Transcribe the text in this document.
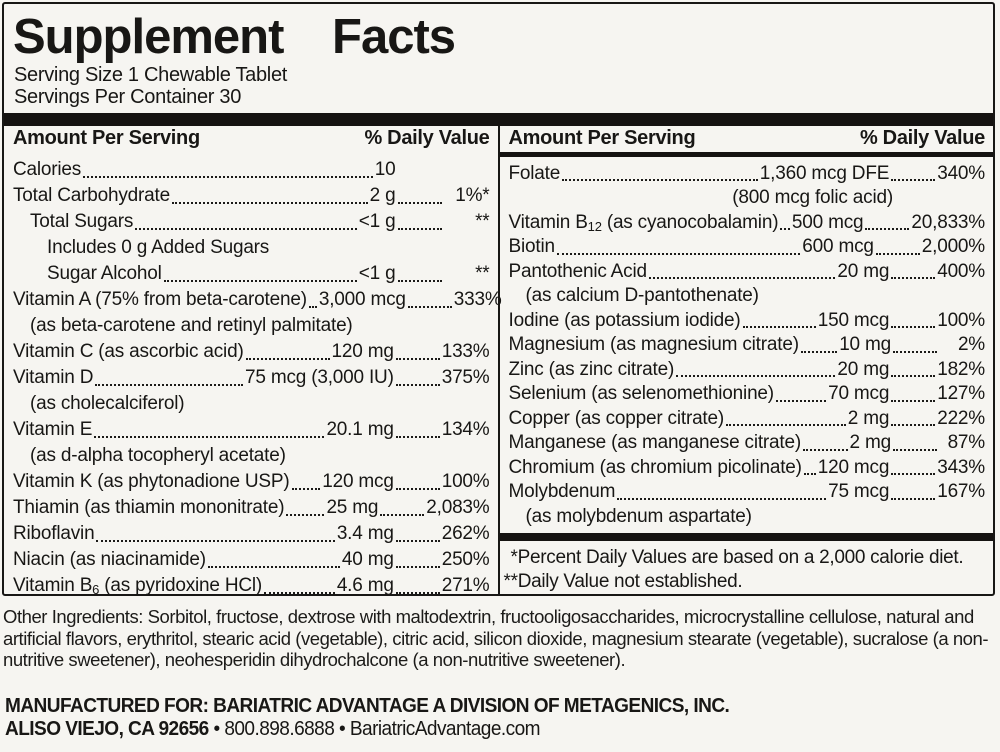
Supplement Facts
Serving Size 1 Chewable Tablet
Servings Per Container 30
Amount Per Serving	% Daily Value
Calories	10
Total Carbohydrate	2 g	1%*
Total Sugars	<1 g	**
Includes 0 g Added Sugars
Sugar Alcohol	<1 g	**
Vitamin A (75% from beta-carotene) 3,000 mcg	333%
(as beta-carotene and retinyl palmitate)
Vitamin C (as ascorbic acid)	120 mg	133%
Vitamin D	75 mcg (3,000 IU)	375%
(as cholecalciferol)
Vitamin E	20.1 mg	134%
(as d-alpha tocopheryl acetate)
Vitamin K (as phytonadione USP) 120 mcg	100%
Thiamin (as thiamin mononitrate) 25 mg	2,083%
Riboflavin	3.4 mg	262%
Niacin (as niacinamide)	40 mg	250%
Vitamin B6 (as pyridoxine HCl)	4.6 mg	271%
Amount Per Serving	% Daily Value
Folate	1,360 mcg DFE	340%
(800 mcg folic acid)
Vitamin B12 (as cyanocobalamin) 500 mcg	20,833%
Biotin	600 mcg	2,000%
Pantothenic Acid	20 mg	400%
(as calcium D-pantothenate)
Iodine (as potassium iodide)	150 mcg	100%
Magnesium (as magnesium citrate) 10 mg	2%
Zinc (as zinc citrate)	20 mg	182%
Selenium (as selenomethionine)	70 mcg	127%
Copper (as copper citrate)	2 mg	222%
Manganese (as manganese citrate)	2 mg	87%
Chromium (as chromium picolinate) 120 mcg	343%
Molybdenum	75 mcg	167%
(as molybdenum aspartate)
*Percent Daily Values are based on a 2,000 calorie diet.
**Daily Value not established.
Other Ingredients: Sorbitol, fructose, dextrose with maltodextrin, fructooligosaccharides, microcrystalline cellulose, natural and artificial flavors, erythritol, stearic acid (vegetable), citric acid, silicon dioxide, magnesium stearate (vegetable), sucralose (a non-nutritive sweetener), neohesperidin dihydrochalcone (a non-nutritive sweetener).
MANUFACTURED FOR: BARIATRIC ADVANTAGE A DIVISION OF METAGENICS, INC.
ALISO VIEJO, CA 92656 • 800.898.6888 • BariatricAdvantage.com
